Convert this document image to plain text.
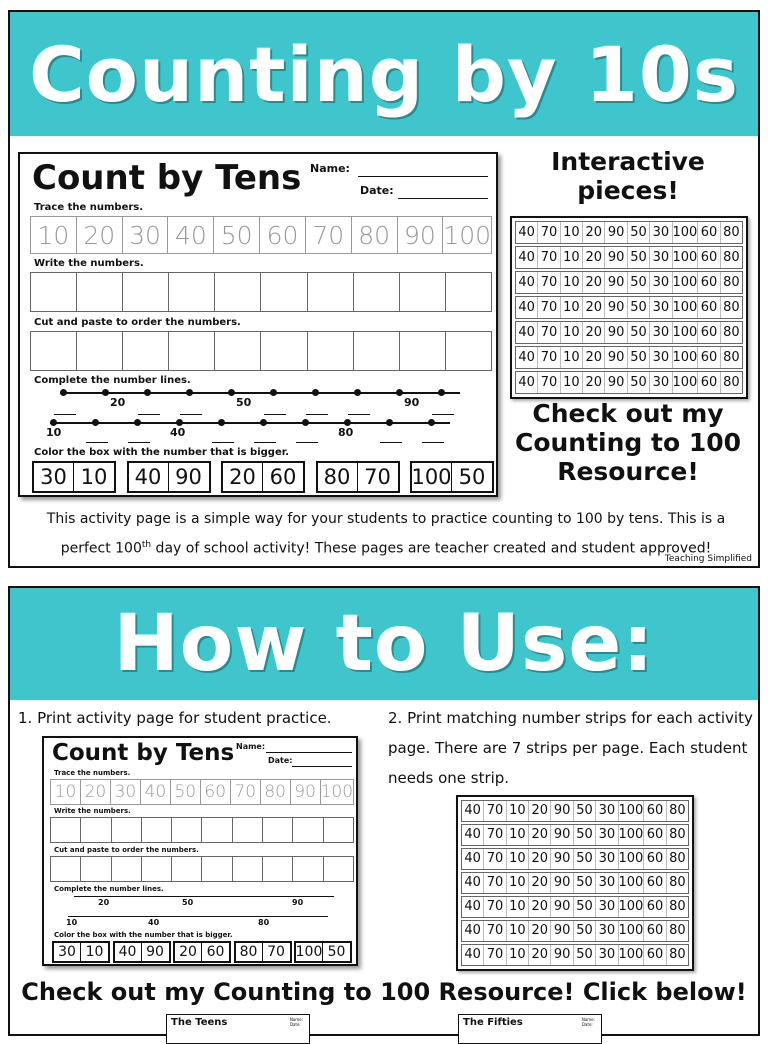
Counting by 10s
Count by Tens Name:
Date:
Trace the numbers.
10 20 30 40 50 60 70 80 90 100
Write the numbers.
Cut and paste to order the numbers.
Complete the number lines.
20	50	90
10	40	80
Color the box with the number that is bigger.
30 10	40 90	20 60	80 70 100 50
Interactive pieces!
40 70 10 20 90 50 30 100 60 80
40 70 10 20 90 50 30 100 60 80
40 70 10 20 90 50 30 100 60 80
40 70 10 20 90 50 30 100 60 80
40 70 10 20 90 50 30 100 60 80
40 70 10 20 90 50 30 100 60 80
40 70 10 20 90 50 30 100 60 80
Check out my Counting to 100 Resource!
This activity page is a simple way for your students to practice counting to 100 by tens. This is a
perfect 100th day of school activity! These pages are teacher created and student approved!
Teaching Simplified
How to Use:
1. Print activity page for student practice.	2. Print matching number strips for each activity page. There are 7 strips per page. Each student needs one strip.
Count by Tens Name:
Date:
Trace the numbers.
10 20 30 40 50 60 70 80 90 100
Write the numbers.
Cut and paste to order the numbers.
Complete the number lines.
20	50	90
10	40	80
Color the box with the number that is bigger.
30 10	40 90	20 60	80 70 100 50
40 70 10 20 90 50 30 100 60 80
40 70 10 20 90 50 30 100 60 80
40 70 10 20 90 50 30 100 60 80
40 70 10 20 90 50 30 100 60 80
40 70 10 20 90 50 30 100 60 80
40 70 10 20 90 50 30 100 60 80
40 70 10 20 90 50 30 100 60 80
Check out my Counting to 100 Resource! Click below!
The Teens	Name:
Date:	The Fifties	Name:
Date:
